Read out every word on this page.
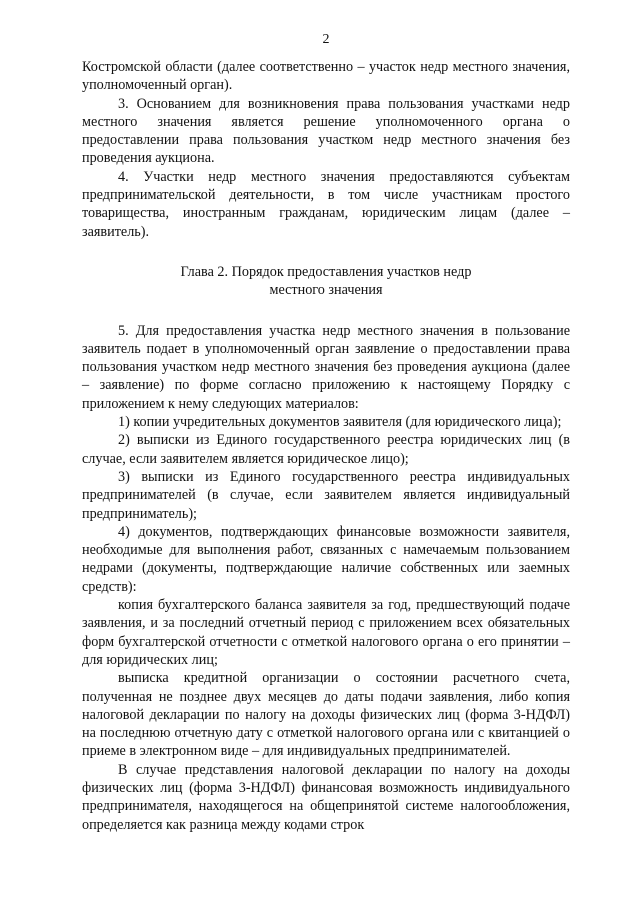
2

Костромской области (далее соответственно – участок недр местного значения, уполномоченный орган).

3. Основанием для возникновения права пользования участками недр местного значения является решение уполномоченного органа о предоставлении права пользования участком недр местного значения без проведения аукциона.

4. Участки недр местного значения предоставляются субъектам предпринимательской деятельности, в том числе участникам простого товарищества, иностранным гражданам, юридическим лицам (далее – заявитель).

Глава 2. Порядок предоставления участков недр
местного значения

5. Для предоставления участка недр местного значения в пользование заявитель подает в уполномоченный орган заявление о предоставлении права пользования участком недр местного значения без проведения аукциона (далее – заявление) по форме согласно приложению к настоящему Порядку с приложением к нему следующих материалов:

1) копии учредительных документов заявителя (для юридического лица);

2) выписки из Единого государственного реестра юридических лиц (в случае, если заявителем является юридическое лицо);

3) выписки из Единого государственного реестра индивидуальных предпринимателей (в случае, если заявителем является индивидуальный предприниматель);

4) документов, подтверждающих финансовые возможности заявителя, необходимые для выполнения работ, связанных с намечаемым пользованием недрами (документы, подтверждающие наличие собственных или заемных средств):

копия бухгалтерского баланса заявителя за год, предшествующий подаче заявления, и за последний отчетный период с приложением всех обязательных форм бухгалтерской отчетности с отметкой налогового органа о его принятии – для юридических лиц;

выписка кредитной организации о состоянии расчетного счета, полученная не позднее двух месяцев до даты подачи заявления, либо копия налоговой декларации по налогу на доходы физических лиц (форма 3-НДФЛ) на последнюю отчетную дату с отметкой налогового органа или с квитанцией о приеме в электронном виде – для индивидуальных предпринимателей.

В случае представления налоговой декларации по налогу на доходы физических лиц (форма 3-НДФЛ) финансовая возможность индивидуального предпринимателя, находящегося на общепринятой системе налогообложения, определяется как разница между кодами строк
